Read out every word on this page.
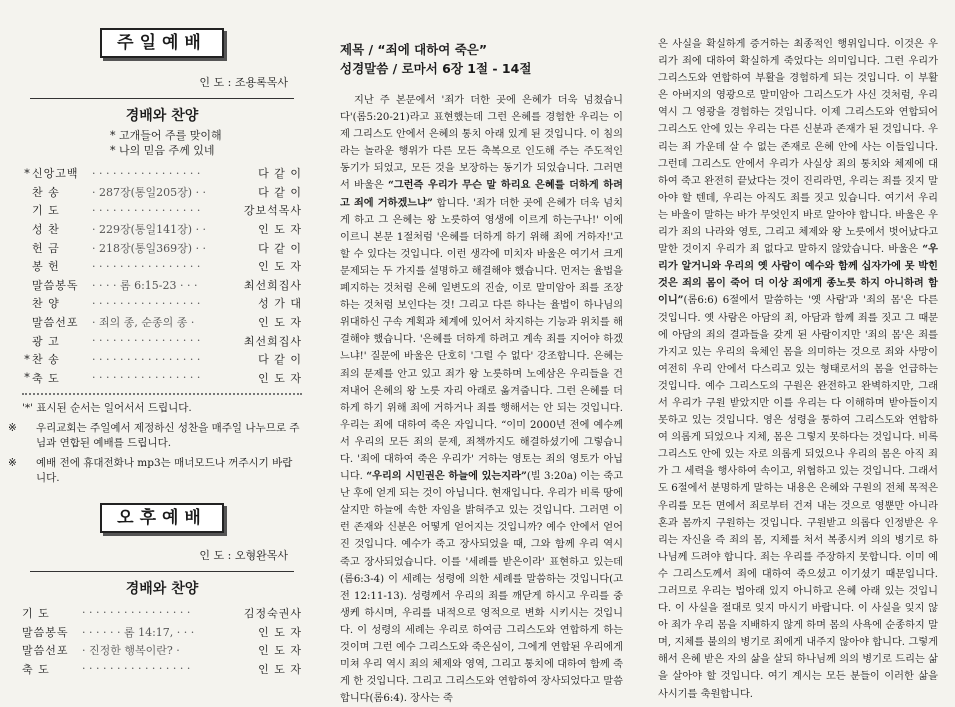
주일예배
인 도 : 조용록목사
경배와 찬양
* 고개들어 주를 맞이해
* 나의 믿음 주께 있네
*	신앙고백	· · · · · · · · · · · · · · · ·	다 같 이
	찬 송	· 287장(통일205장) · ·	다 같 이
	기 도	· · · · · · · · · · · · · · · ·	강보석목사
	성 찬	· 229장(통일141장) · ·	인 도 자
	헌 금	· 218장(통일369장) · ·	다 같 이
	봉 헌	· · · · · · · · · · · · · · · ·	인 도 자
	말씀봉독	· · · · 롬 6:15-23 · · ·	최선희집사
	찬 양	· · · · · · · · · · · · · · · ·	성 가 대
	말씀선포	· 죄의 종, 순종의 종 ·	인 도 자
	광 고	· · · · · · · · · · · · · · · ·	최선희집사
*	찬 송	· · · · · · · · · · · · · · · ·	다 같 이
*	축 도	· · · · · · · · · · · · · · · ·	인 도 자
'*' 표시된 순서는 일어서서 드립니다.
※ 우리교회는 주일예서 제정하신 성찬을 매주일 나누므로 주님과 연합된 예배를 드립니다.
※ 예배 전에 휴대전화나 mp3는 매너모드나 꺼주시기 바랍니다.
오후예배
인 도 : 오형완목사
경배와 찬양
기 도	· · · · · · · · · · · · · · · ·	김정숙권사
말씀봉독	· · · · · · 롬 14:17, · · ·	인 도 자
말씀선포	· 진정한 행복이란? ·	인 도 자
축 도	· · · · · · · · · · · · · · · ·	인 도 자
제목 / “죄에 대하여 죽은”
성경말씀 / 로마서 6장 1절 - 14절
지난 주 본문에서 '죄가 더한 곳에 은혜가 더욱 넘쳤습니다'(롬5:20-21)라고 표현했는데 그런 은혜를 경험한 우리는 이제 그리스도 안에서 은혜의 통치 아래 있게 된 것입니다. 이 침의라는 놀라운 행위가 다른 모든 축복으로 인도해 주는 주도적인 동기가 되었고, 모든 것을 보장하는 동기가 되었습니다. 그러면서 바울은 “그런즉 우리가 무슨 말 하리요 은혜를 더하게 하려고 죄에 거하겠느냐” 합니다. '죄가 더한 곳에 은혜가 더욱 넘치게 하고 그 은혜는 왕 노릇하여 영생에 이르게 하는구나!' 이에 이르니 본문 1절처럼 '은혜를 더하게 하기 위해 죄에 거하자!'고 할 수 있다는 것입니다. 이런 생각에 미치자 바울은 여기서 크게 문제되는 두 가지를 설명하고 해결해야 했습니다. 먼저는 율법을 폐지하는 것처럼 은혜 일변도의 진술, 이로 말미암아 죄를 조장하는 것처럼 보인다는 것! 그리고 다른 하나는 율법이 하나님의 위대하신 구속 계획과 체계에 있어서 차지하는 기능과 위치를 해결해야 했습니다. '은혜를 더하게 하려고 계속 죄를 지어야 하겠느냐!' 질문에 바울은 단호히 '그럴 수 없다' 강조합니다. 은혜는 죄의 문제를 안고 있고 죄가 왕 노릇하며 노예삼은 우리들을 건져내어 은혜의 왕 노릇 자리 아래로 옮겨줍니다. 그런 은혜를 더하게 하기 위해 죄에 거하거나 죄를 행해서는 안 되는 것입니다. 우리는 죄에 대하여 죽은 자입니다. “이미 2000년 전에 예수께서 우리의 모든 죄의 문제, 죄책까지도 해결하셨기에 그렇습니다. '죄에 대하여 죽은 우리가' 거하는 영토는 죄의 영토가 아닙니다. “우리의 시민권은 하늘에 있는지라”(빌 3:20a) 이는 죽고 난 후에 얻게 되는 것이 아닙니다. 현재입니다. 우리가 비록 땅에 살지만 하늘에 속한 자임을 밝혀주고 있는 것입니다. 그러면 이런 존재와 신분은 어떻게 얻어지는 것입니까? 예수 안에서 얻어진 것입니다. 예수가 죽고 장사되었을 때, 그와 함께 우리 역시 죽고 장사되었습니다. 이를 '세례를 받은이라' 표현하고 있는데(롬6:3-4) 이 세례는 성령에 의한 세례를 말씀하는 것입니다(고전 12:11-13). 성령께서 우리의 죄를 깨닫게 하시고 우리를 중생케 하시며, 우리를 내적으로 영적으로 변화 시키시는 것입니다. 이 성령의 세례는 우리로 하여금 그리스도와 연합하게 하는 것이며 그런 예수 그리스도와 죽은심이, 그에게 연합된 우리에게 미쳐 우리 역시 죄의 체제와 영역, 그리고 통치에 대하여 함께 죽게 한 것입니다. 그리고 그리스도와 연합하여 장사되었다고 말씀합니다(롬6:4). 장사는 죽
은 사실을 확실하게 증거하는 최종적인 행위입니다. 이것은 우리가 죄에 대하여 확실하게 죽었다는 의미입니다. 그런 우리가 그리스도와 연합하여 부활을 경험하게 되는 것입니다. 이 부활은 아버지의 영광으로 말미암아 그리스도가 사신 것처럼, 우리 역시 그 영광을 경험하는 것입니다. 이제 그리스도와 연합되어 그리스도 안에 있는 우리는 다른 신분과 존재가 된 것입니다. 우리는 죄 가운데 살 수 없는 존재로 은혜 안에 사는 이들입니다. 그런데 그리스도 안에서 우리가 사실상 죄의 통치와 체제에 대하여 죽고 완전히 끝났다는 것이 진리라면, 우리는 죄를 짓지 말아야 할 텐데, 우리는 아직도 죄를 짓고 있습니다. 여기서 우리는 바울이 말하는 바가 무엇인지 바로 알아야 합니다. 바울은 우리가 죄의 나라와 영토, 그리고 체제와 왕 노릇에서 벗어났다고 말한 것이지 우리가 죄 없다고 말하지 않았습니다. 바울은 “우리가 알거니와 우리의 옛 사람이 예수와 함께 십자가에 못 박힌 것은 죄의 몸이 죽어 더 이상 죄에게 종노릇 하지 아니하려 함이니”(롬6:6) 6절에서 말씀하는 '옛 사람'과 '죄의 몸'은 다른 것입니다. 옛 사람은 아담의 죄, 아담과 함께 죄를 짓고 그 때문에 아담의 죄의 결과들을 갖게 된 사람이지만 '죄의 몸'은 죄를 가지고 있는 우리의 육체인 몸을 의미하는 것으로 죄와 사망이 여전히 우리 안에서 다스리고 있는 형태로서의 몸을 언급하는 것입니다. 예수 그리스도의 구원은 완전하고 완벽하지만, 그래서 우리가 구원 받았지만 이를 우리는 다 이해하며 받아들이지 못하고 있는 것입니다. 영은 성령을 통하여 그리스도와 연합하여 의롭게 되었으나 지체, 몸은 그렇지 못하다는 것입니다. 비록 그리스도 안에 있는 자로 의롭게 되었으나 우리의 몸은 아직 죄가 그 세력을 행사하여 속이고, 위협하고 있는 것입니다. 그래서도 6절에서 분명하게 말하는 내용은 은혜와 구원의 전체 목적은 우리를 모든 면에서 죄로부터 건져 내는 것으로 영뿐만 아니라 혼과 몸까지 구원하는 것입니다. 구원받고 의롭다 인정받은 우리는 자신을 즉 죄의 몸, 지체를 처서 복종시켜 의의 병기로 하나님께 드려야 합니다. 죄는 우리를 주장하지 못합니다. 이미 예수 그리스도께서 죄에 대하여 죽으셨고 이기셨기 때문입니다. 그러므로 우리는 법아래 있지 아니하고 은혜 아래 있는 것입니다. 이 사실을 절대로 잊지 마시기 바랍니다. 이 사실을 잊지 않아 죄가 우리 몸을 지배하지 않게 하며 몸의 사욕에 순종하지 말며, 지체를 불의의 병기로 죄에게 내주지 않아야 합니다. 그렇게 해서 은혜 받은 자의 삶을 살되 하나님께 의의 병기로 드리는 삶을 살아야 할 것입니다. 여기 계시는 모든 분들이 이러한 삶을 사시기를 축원합니다.
